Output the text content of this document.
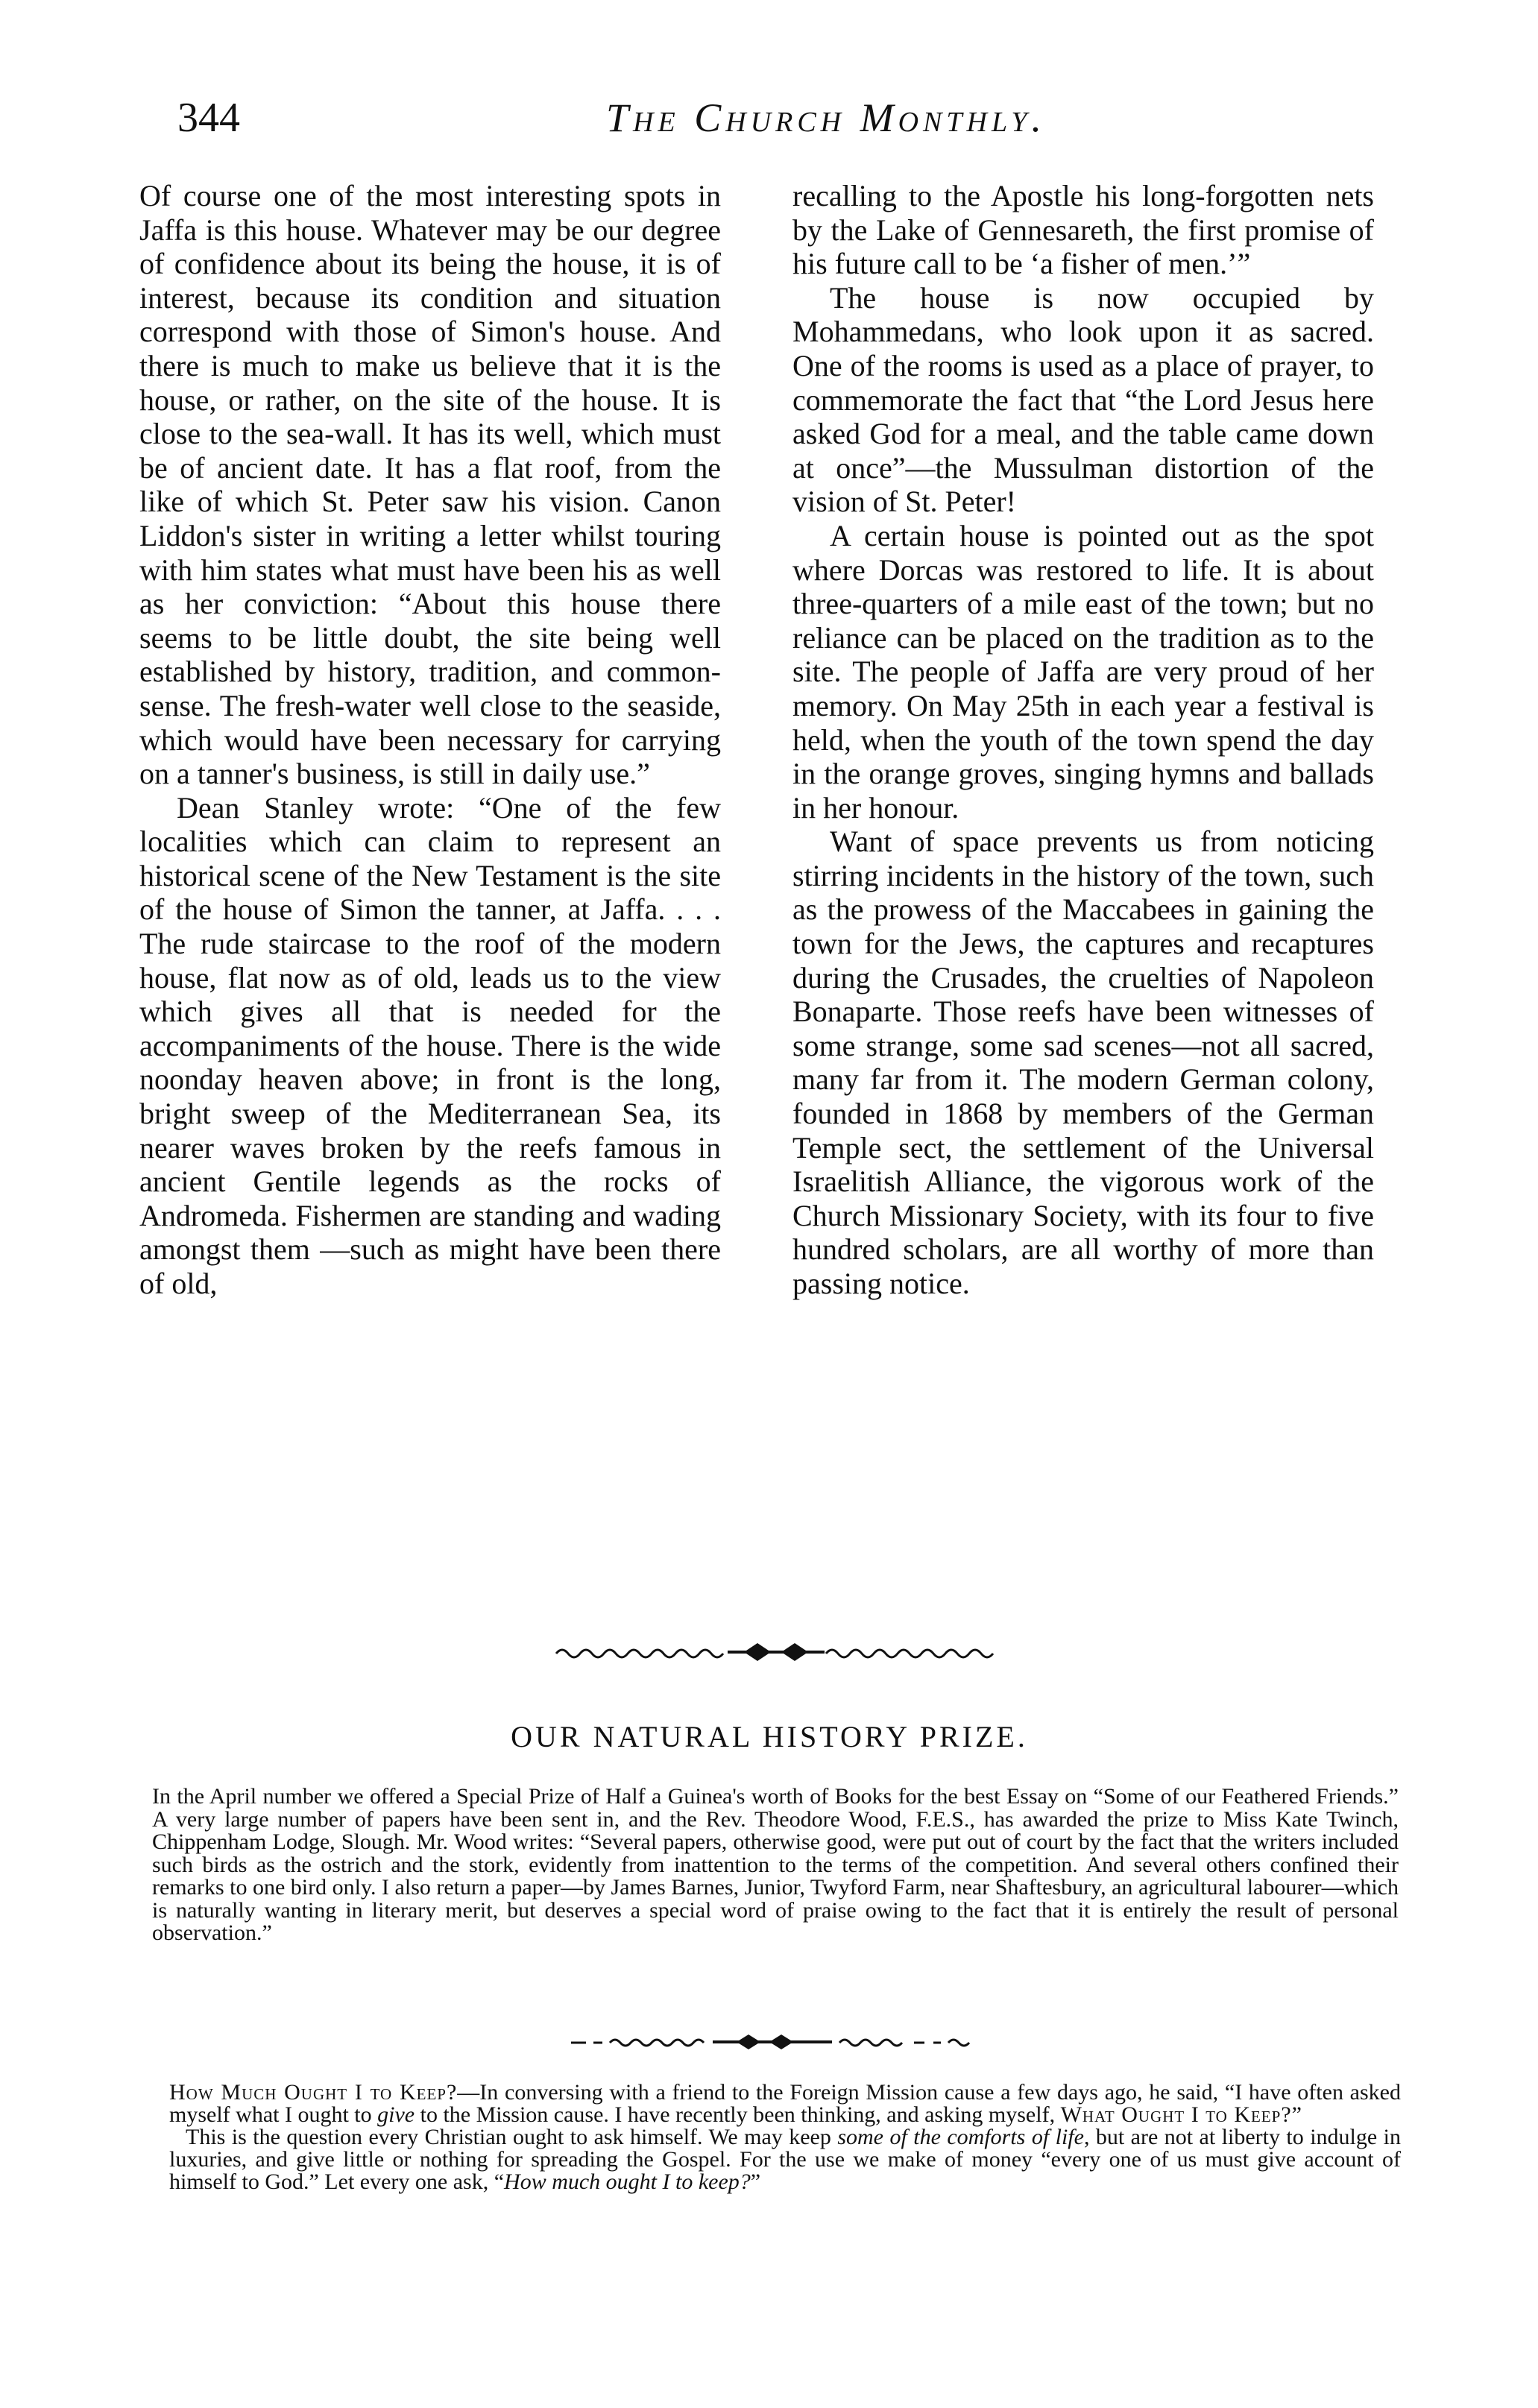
344	The Church Monthly.

Of course one of the most interesting spots in Jaffa is this house. Whatever may be our degree of confidence about its being the house, it is of interest, because its condition and situation correspond with those of Simon's house. And there is much to make us believe that it is the house, or rather, on the site of the house. It is close to the sea-wall. It has its well, which must be of ancient date. It has a flat roof, from the like of which St. Peter saw his vision. Canon Liddon's sister in writing a letter whilst touring with him states what must have been his as well as her conviction: “About this house there seems to be little doubt, the site being well established by history, tradition, and common-sense. The fresh-water well close to the seaside, which would have been necessary for carrying on a tanner's business, is still in daily use.”

Dean Stanley wrote: “One of the few localities which can claim to represent an historical scene of the New Testament is the site of the house of Simon the tanner, at Jaffa. . . . The rude staircase to the roof of the modern house, flat now as of old, leads us to the view which gives all that is needed for the accompaniments of the house. There is the wide noonday heaven above; in front is the long, bright sweep of the Mediterranean Sea, its nearer waves broken by the reefs famous in ancient Gentile legends as the rocks of Andromeda. Fishermen are standing and wading amongst them —such as might have been there of old,

recalling to the Apostle his long-forgotten nets by the Lake of Gennesareth, the first promise of his future call to be ‘a fisher of men.’”

The house is now occupied by Mohammedans, who look upon it as sacred. One of the rooms is used as a place of prayer, to commemorate the fact that “the Lord Jesus here asked God for a meal, and the table came down at once”—the Mussulman distortion of the vision of St. Peter!

A certain house is pointed out as the spot where Dorcas was restored to life. It is about three-quarters of a mile east of the town; but no reliance can be placed on the tradition as to the site. The people of Jaffa are very proud of her memory. On May 25th in each year a festival is held, when the youth of the town spend the day in the orange groves, singing hymns and ballads in her honour.

Want of space prevents us from noticing stirring incidents in the history of the town, such as the prowess of the Maccabees in gaining the town for the Jews, the captures and recaptures during the Crusades, the cruelties of Napoleon Bonaparte. Those reefs have been witnesses of some strange, some sad scenes—not all sacred, many far from it. The modern German colony, founded in 1868 by members of the German Temple sect, the settlement of the Universal Israelitish Alliance, the vigorous work of the Church Missionary Society, with its four to five hundred scholars, are all worthy of more than passing notice.

OUR NATURAL HISTORY PRIZE.

In the April number we offered a Special Prize of Half a Guinea's worth of Books for the best Essay on “Some of our Feathered Friends.” A very large number of papers have been sent in, and the Rev. Theodore Wood, F.E.S., has awarded the prize to Miss Kate Twinch, Chippenham Lodge, Slough. Mr. Wood writes: “Several papers, otherwise good, were put out of court by the fact that the writers included such birds as the ostrich and the stork, evidently from inattention to the terms of the competition. And several others confined their remarks to one bird only. I also return a paper—by James Barnes, Junior, Twyford Farm, near Shaftesbury, an agricultural labourer—which is naturally wanting in literary merit, but deserves a special word of praise owing to the fact that it is entirely the result of personal observation.”

How Much Ought I to Keep?—In conversing with a friend to the Foreign Mission cause a few days ago, he said, “I have often asked myself what I ought to give to the Mission cause. I have recently been thinking, and asking myself, What Ought I to Keep?”

This is the question every Christian ought to ask himself. We may keep some of the comforts of life, but are not at liberty to indulge in luxuries, and give little or nothing for spreading the Gospel. For the use we make of money “every one of us must give account of himself to God.” Let every one ask, “How much ought I to keep?”
